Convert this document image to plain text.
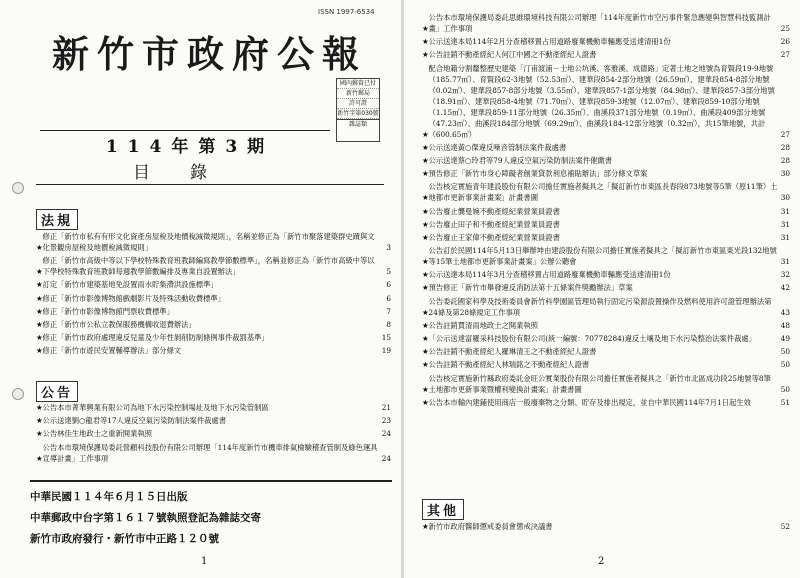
ISSN 1997-6534
新竹市政府公報
國內郵資已付
新竹郵局
許可證
新竹字第030號
雜誌類
114年第3期
目錄
法規
★
修正「新竹市私有有形文化資產房屋稅及地價稅減徵規則」，名稱並修正為「新竹市聚落建築群史蹟與文化景觀房屋稅及地價稅減徵規則」	3
★
修正「新竹市高級中等以下學校特殊教育班教師編寫教學節數標準」，名稱並修正為「新竹市高級中等以下學校特殊教育班教師每週教學節數編排及專業自設置辦法」	5
★ 訂定「新竹市建築基地免設置雨水貯集滯洪設施標準」	6
★ 修正「新竹市影像博物館戲劇影片及特殊活動收費標準」	6
★ 修正「新竹市影像博物館門票收費標準」	7
★ 修正「新竹市公私立教保服務機構收退費辦法」	8
★ 修正「新竹市政府處理違反兒童及少年性剝削防制條例事件裁罰基準」	15
★ 修正「新竹市遊民安置輔導辦法」部分條文	19
公告
★ 公告本市菁華興業有限公司為地下水污染控制場址及地下水污染管制區	21
★ 公示送達劉○龍君等17人違反空氣污染防制法案件裁處書	23
★ 公告林佳生地政士之重新開業執照	24
★
公告本市環境保護局委託營顧科技股份有限公司辦理「114年度新竹市機車排氣檢驗稽查管制及綠色運具宣導計畫」工作事項	24
中華民國１１４年６月１５日出版
中華郵政中台字第１６１７號執照登記為雜誌交寄
新竹市政府發行・新竹市中正路１２０號
1
★
公告本市環境保護局委託思維環境科技有限公司辦理「114年度新竹市空污事件緊急應變與智慧科技監測計畫」工作事項	25
★ 公示送達本局114年2月分查稽移置占用道路廢棄機動車輛應受送達清冊1份	26
★ 公告註銷不動產經紀人何江中國之不動產經紀人證書	27
★
配合地籍分割釐整歷史建築「汀甫渡浦－士地公坑溪、客雅溪、成德路」定著土地之地號為育賢段19-9地號（185.77㎡）、育賢段62-3地號（52.53㎡）、建華段854-2部分地號（26.59㎡）、建華段854-8部分地號（0.02㎡）、建華段857-8部分地號（3.55㎡）、建華段857-1部分地號（84.98㎡）、建華段857-3部分地號（18.91㎡）、建華段858-4地號（71.70㎡）、建華段859-3地號（12.07㎡）、建華段859-10部分地號（1.15㎡）、建華段859-11部分地號（26.35㎡）、曲溪段371部分地號（0.19㎡）、曲溪段409部分地號（47.23㎡）、曲溪段184部分地號（69.29㎡）、曲溪段184-12部分地號（0.32㎡），共15筆地號，共計（600.65㎡）	27
★ 公示送達黃○傑違反噪音管制法案件裁處書	28
★ 公示送達蔡○玲君等79人違反空氣污染防制法案件催繳書	28
★ 預告修正「新竹市身心障礙者創業貸款利息補貼辦法」部分條文草案	30
★
公告核定實施青年建設股份有限公司擔任實施者擬具之「擬訂新竹市東區長春段873地號等5筆（原11筆）土地都市更新事業計畫案」計畫書圖	30
★ 公告廢止龔曼婉不動產經紀業營業員證書	31
★ 公告廢止田子和不動產經紀業營業員證書	31
★ 公告廢止王家偉不動產經紀業營業員證書	31
★
公告訂於民國114年5月13日舉辦坤由建設股份有限公司擔任實施者擬具之「擬訂新竹市東區東光段132地號等15筆土地都市更新事業計畫案」公辦公聽會	31
★ 公示送達本局114年3月分查稽移置占用道路廢棄機動車輛應受送達清冊1份	32
★ 預告修正「新竹市舉發違反消防法第十五條案件獎勵辦法」草案	42
★
公告委託國家科學及技術委員會新竹科學園區管理局執行固定污染源設置操作及燃料使用許可證管理辦法第24條及第28條規定工作事項	43
★ 公告註銷賈清雨地政士之開業執照	48
★ 「公示送達富羅采科技股份有限公司(統一編號：70778284)違反土壤及地下水污染整治法案件裁處」	49
★ 公告註銷不動產經紀人羅琳清王之不動產經紀人證書	50
★ 公告註銷不動產經紀人林瑞銘之不動產經紀人證書	50
★
公告核定實施新竹縣政府委託金旺公實業股份有限公司擔任實施者擬具之「新竹市北區成功段25地號等8筆土地都市更新事業暨權利變換計畫案」計畫書圖	50
★ 公告本市輸內建鋪使用商店一般廢棄物之分類、貯存及排出規定，並自中華民國114年7月1日起生效	51
其他
★ 新竹市政府醫師懲戒委員會懲戒決議書	52
2
